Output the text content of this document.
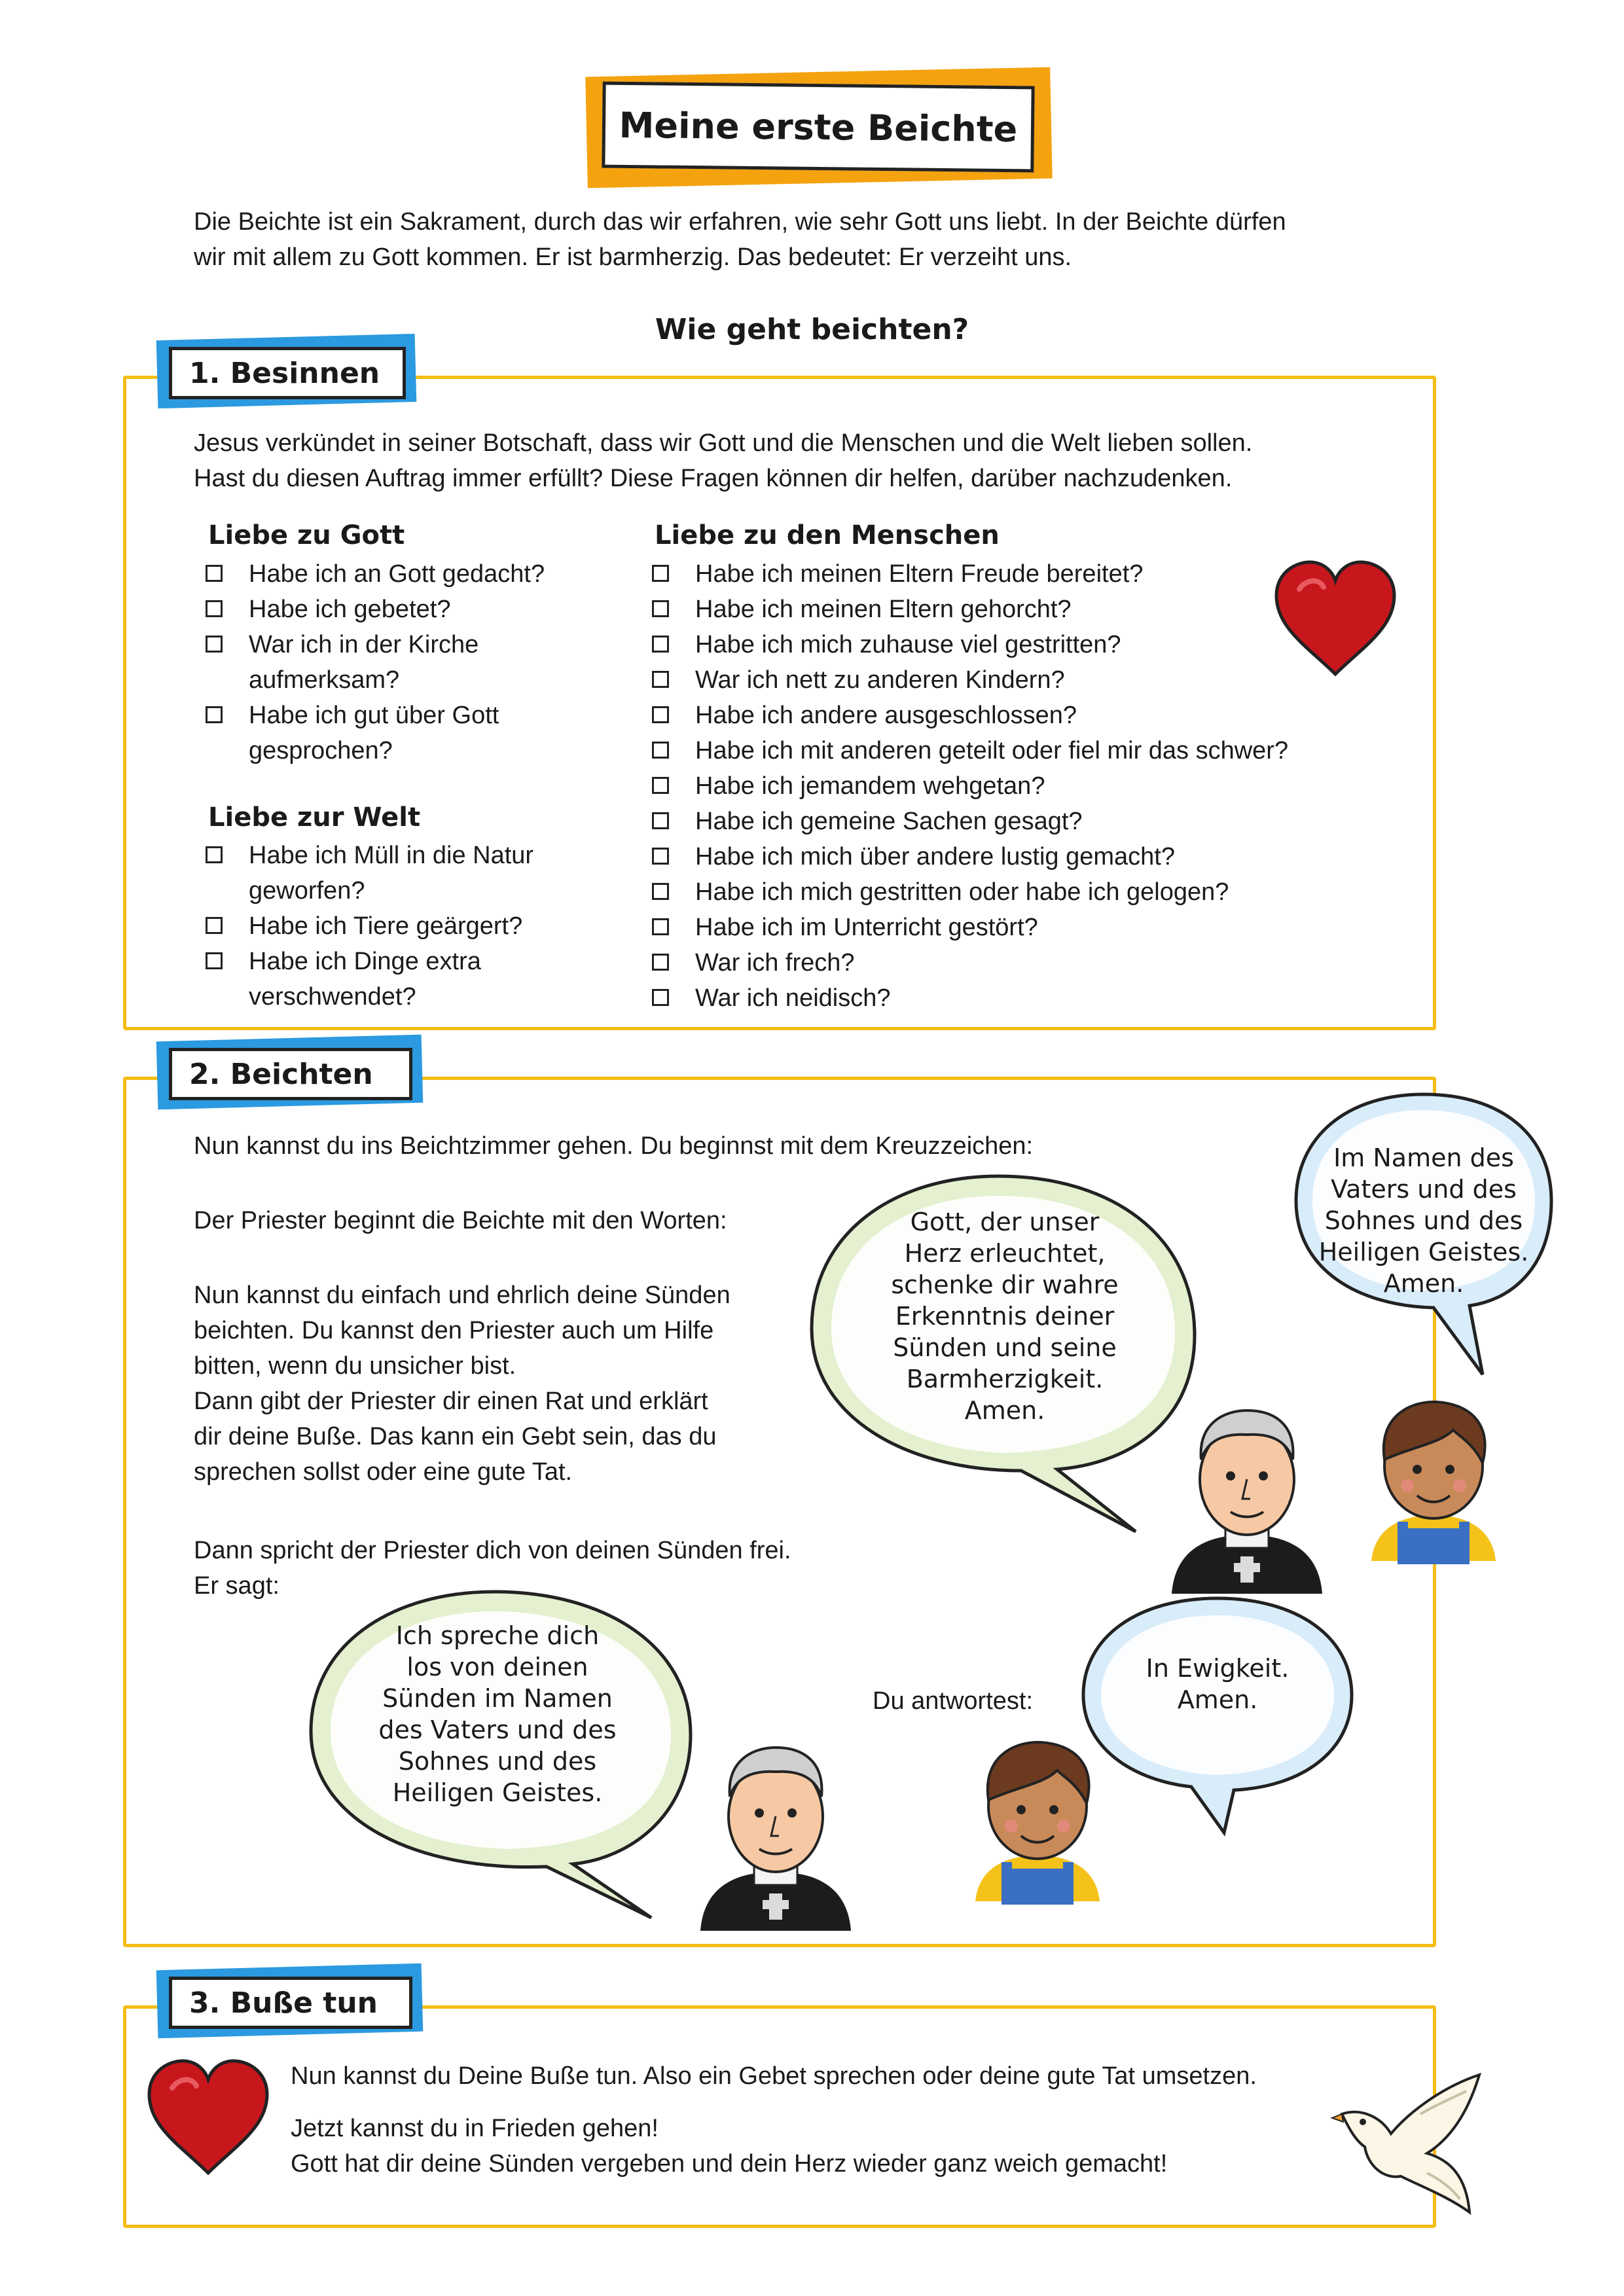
Meine erste Beichte
Die Beichte ist ein Sakrament, durch das wir erfahren, wie sehr Gott uns liebt. In der Beichte dürfen
wir mit allem zu Gott kommen. Er ist barmherzig. Das bedeutet: Er verzeiht uns.
Wie geht beichten?
1. Besinnen
Jesus verkündet in seiner Botschaft, dass wir Gott und die Menschen und die Welt lieben sollen.
Hast du diesen Auftrag immer erfüllt? Diese Fragen können dir helfen, darüber nachzudenken.
Liebe zu Gott
Habe ich an Gott gedacht?
Habe ich gebetet?
War ich in der Kirche aufmerksam?
Habe ich gut über Gott gesprochen?
Liebe zur Welt
Habe ich Müll in die Natur geworfen?
Habe ich Tiere geärgert?
Habe ich Dinge extra verschwendet?
Liebe zu den Menschen
Habe ich meinen Eltern Freude bereitet?
Habe ich meinen Eltern gehorcht?
Habe ich mich zuhause viel gestritten?
War ich nett zu anderen Kindern?
Habe ich andere ausgeschlossen?
Habe ich mit anderen geteilt oder fiel mir das schwer?
Habe ich jemandem wehgetan?
Habe ich gemeine Sachen gesagt?
Habe ich mich über andere lustig gemacht?
Habe ich mich gestritten oder habe ich gelogen?
Habe ich im Unterricht gestört?
War ich frech?
War ich neidisch?
2. Beichten
Nun kannst du ins Beichtzimmer gehen. Du beginnst mit dem Kreuzzeichen:
Der Priester beginnt die Beichte mit den Worten:
Nun kannst du einfach und ehrlich deine Sünden
beichten. Du kannst den Priester auch um Hilfe
bitten, wenn du unsicher bist.
Dann gibt der Priester dir einen Rat und erklärt
dir deine Buße. Das kann ein Gebt sein, das du
sprechen sollst oder eine gute Tat.
Dann spricht der Priester dich von deinen Sünden frei.
Er sagt:
Du antwortest:
Im Namen des
Vaters und des
Sohnes und des
Heiligen Geistes.
Amen.
Gott, der unser
Herz erleuchtet,
schenke dir wahre
Erkenntnis deiner
Sünden und seine
Barmherzigkeit.
Amen.
Ich spreche dich
los von deinen
Sünden im Namen
des Vaters und des
Sohnes und des
Heiligen Geistes.
In Ewigkeit.
Amen.
3. Buße tun
Nun kannst du Deine Buße tun. Also ein Gebet sprechen oder deine gute Tat umsetzen.
Jetzt kannst du in Frieden gehen!
Gott hat dir deine Sünden vergeben und dein Herz wieder ganz weich gemacht!
